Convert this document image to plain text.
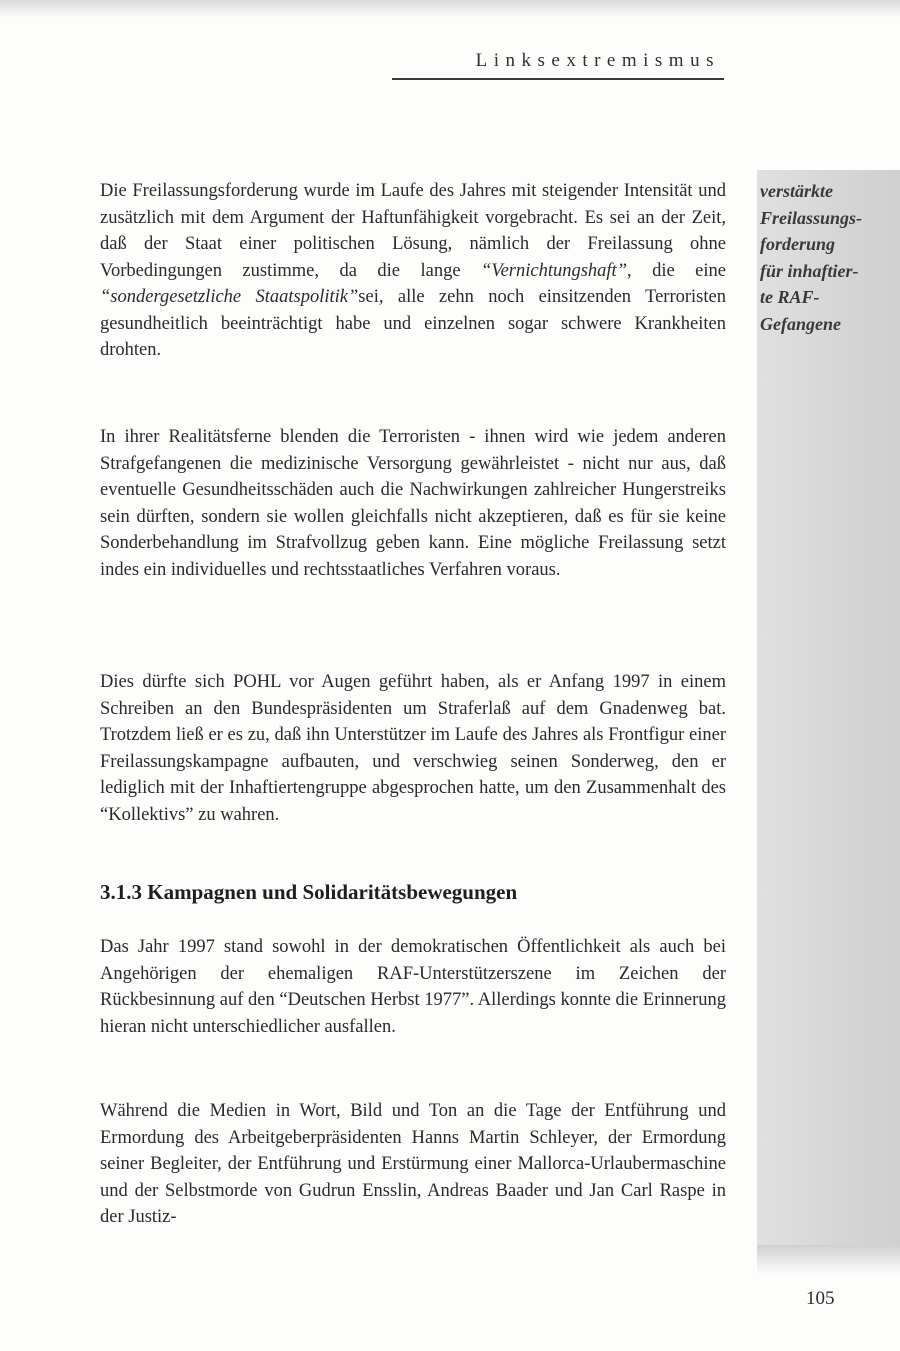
Linksextremismus
verstärkte
Freilassungs-
forderung
für inhaftier-
te RAF-
Gefangene

Die Freilassungsforderung wurde im Laufe des Jahres mit steigender Intensität und zusätzlich mit dem Argument der Haftunfähigkeit vorgebracht. Es sei an der Zeit, daß der Staat einer politischen Lösung, nämlich der Freilassung ohne Vorbedingungen zustimme, da die lange “Vernichtungshaft”, die eine “sondergesetzliche Staatspolitik”sei, alle zehn noch einsitzenden Terroristen gesundheitlich beeinträchtigt habe und einzelnen sogar schwere Krankheiten drohten.

In ihrer Realitätsferne blenden die Terroristen - ihnen wird wie jedem anderen Strafgefangenen die medizinische Versorgung gewährleistet - nicht nur aus, daß eventuelle Gesundheitsschäden auch die Nachwirkungen zahlreicher Hungerstreiks sein dürften, sondern sie wollen gleichfalls nicht akzeptieren, daß es für sie keine Sonderbehandlung im Strafvollzug geben kann. Eine mögliche Freilassung setzt indes ein individuelles und rechtsstaatliches Verfahren voraus.

Dies dürfte sich POHL vor Augen geführt haben, als er Anfang 1997 in einem Schreiben an den Bundespräsidenten um Straferlaß auf dem Gnadenweg bat. Trotzdem ließ er es zu, daß ihn Unterstützer im Laufe des Jahres als Frontfigur einer Freilassungskampagne aufbauten, und verschwieg seinen Sonderweg, den er lediglich mit der Inhaftiertengruppe abgesprochen hatte, um den Zusammenhalt des “Kollektivs” zu wahren.

3.1.3 Kampagnen und Solidaritätsbewegungen

Das Jahr 1997 stand sowohl in der demokratischen Öffentlichkeit als auch bei Angehörigen der ehemaligen RAF-Unterstützerszene im Zeichen der Rückbesinnung auf den “Deutschen Herbst 1977”. Allerdings konnte die Erinnerung hieran nicht unterschiedlicher ausfallen.

Während die Medien in Wort, Bild und Ton an die Tage der Entführung und Ermordung des Arbeitgeberpräsidenten Hanns Martin Schleyer, der Ermordung seiner Begleiter, der Entführung und Erstürmung einer Mallorca-Urlaubermaschine und der Selbstmorde von Gudrun Ensslin, Andreas Baader und Jan Carl Raspe in der Justiz-

105
